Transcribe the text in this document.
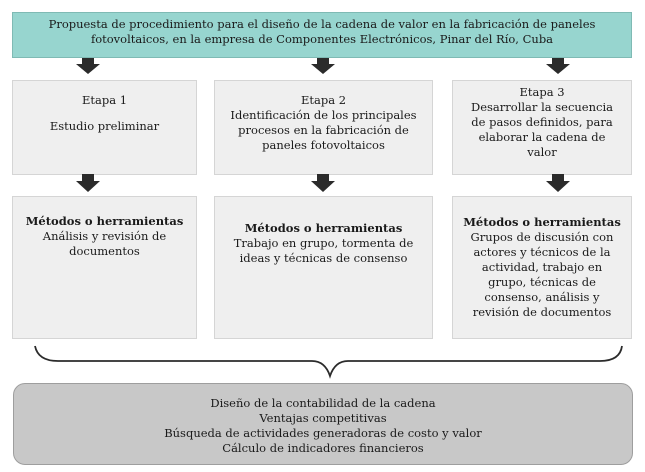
Propuesta de procedimiento para el diseño de la cadena de valor en la fabricación de paneles
fotovoltaicos, en la empresa de Componentes Electrónicos, Pinar del Río, Cuba
Etapa 1
Estudio preliminar
Etapa 2
Identificación de los principales
procesos en la fabricación de
paneles fotovoltaicos
Etapa 3
Desarrollar la secuencia
de pasos definidos, para
elaborar la cadena de
valor
Métodos o herramientas
Análisis y revisión de
documentos
Métodos o herramientas
Trabajo en grupo, tormenta de
ideas y técnicas de consenso
Métodos o herramientas
Grupos de discusión con
actores y técnicos de la
actividad, trabajo en
grupo, técnicas de
consenso, análisis y
revisión de documentos
Diseño de la contabilidad de la cadena
Ventajas competitivas
Búsqueda de actividades generadoras de costo y valor
Cálculo de indicadores financieros
